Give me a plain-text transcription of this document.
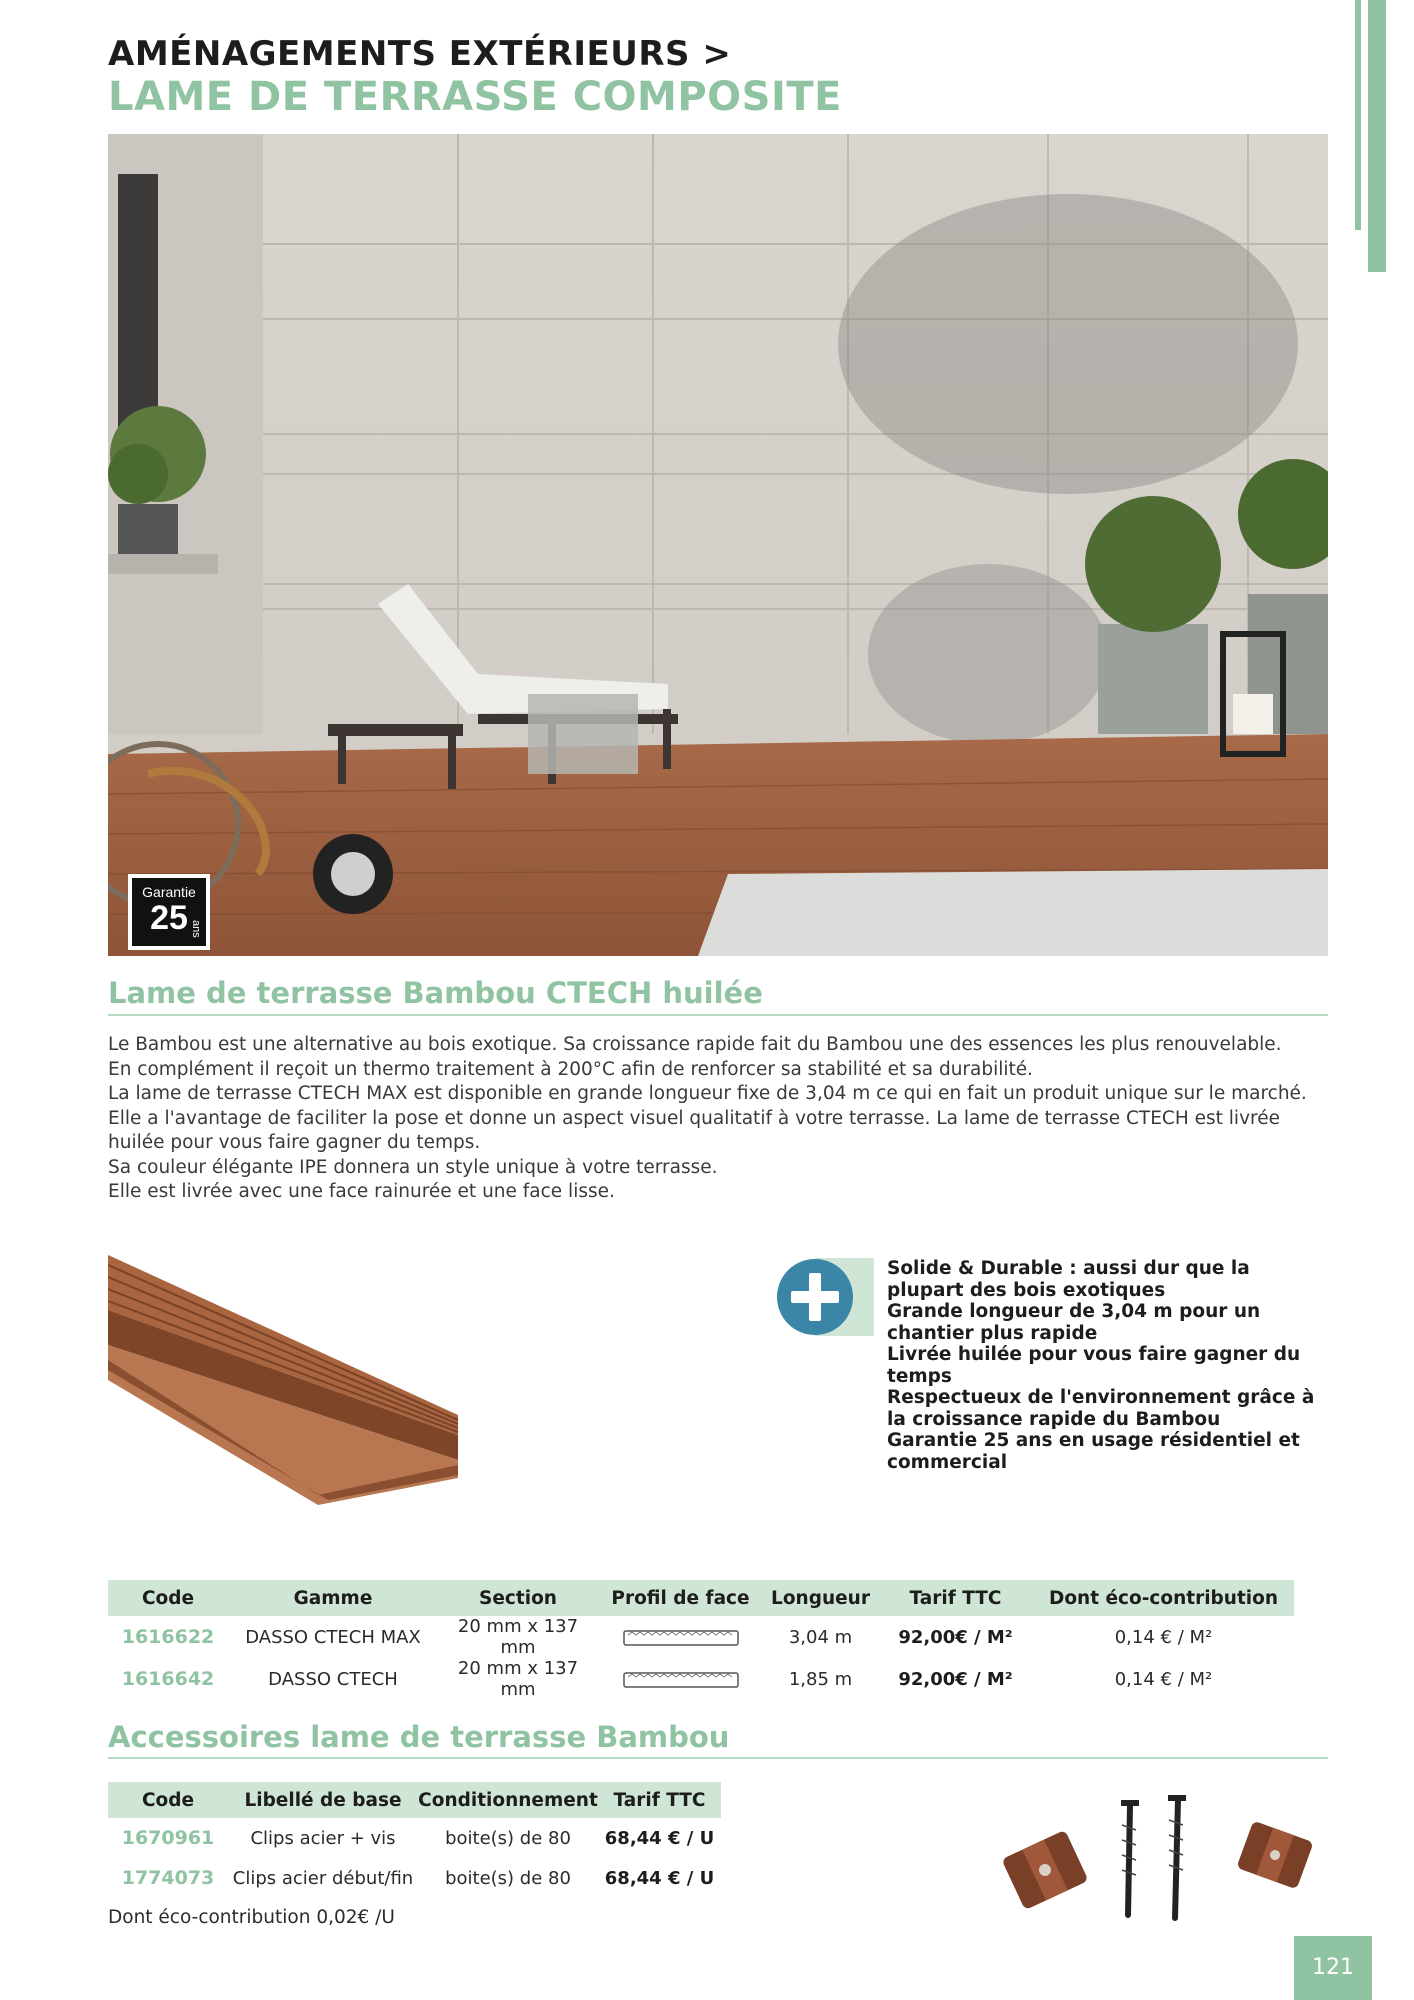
AMÉNAGEMENTS EXTÉRIEURS >
LAME DE TERRASSE COMPOSITE
Garantie
25 ans
Lame de terrasse Bambou CTECH huilée

Le Bambou est une alternative au bois exotique. Sa croissance rapide fait du Bambou une des essences les plus renouvelable.

En complément il reçoit un thermo traitement à 200°C afin de renforcer sa stabilité et sa durabilité.

La lame de terrasse CTECH MAX est disponible en grande longueur fixe de 3,04 m ce qui en fait un produit unique sur le marché.

Elle a l'avantage de faciliter la pose et donne un aspect visuel qualitatif à votre terrasse. La lame de terrasse CTECH est livrée huilée pour vous faire gagner du temps.

Sa couleur élégante IPE donnera un style unique à votre terrasse.

Elle est livrée avec une face rainurée et une face lisse.

Solide & Durable : aussi dur que la plupart des bois exotiques
Grande longueur de 3,04 m pour un chantier plus rapide
Livrée huilée pour vous faire gagner du temps
Respectueux de l'environnement grâce à la croissance rapide du Bambou
Garantie 25 ans en usage résidentiel et commercial
Code	Gamme	Section	Profil de face	Longueur	Tarif TTC	Dont éco-contribution
1616622	DASSO CTECH MAX	20 mm x 137 mm		3,04 m	92,00€ / M²	0,14 € / M²
1616642	DASSO CTECH	20 mm x 137 mm		1,85 m	92,00€ / M²	0,14 € / M²
Accessoires lame de terrasse Bambou
Code	Libellé de base	Conditionnement	Tarif TTC
1670961	Clips acier + vis	boite(s) de 80	68,44 € / U
1774073	Clips acier début/fin	boite(s) de 80	68,44 € / U
Dont éco-contribution 0,02€ /U
121
